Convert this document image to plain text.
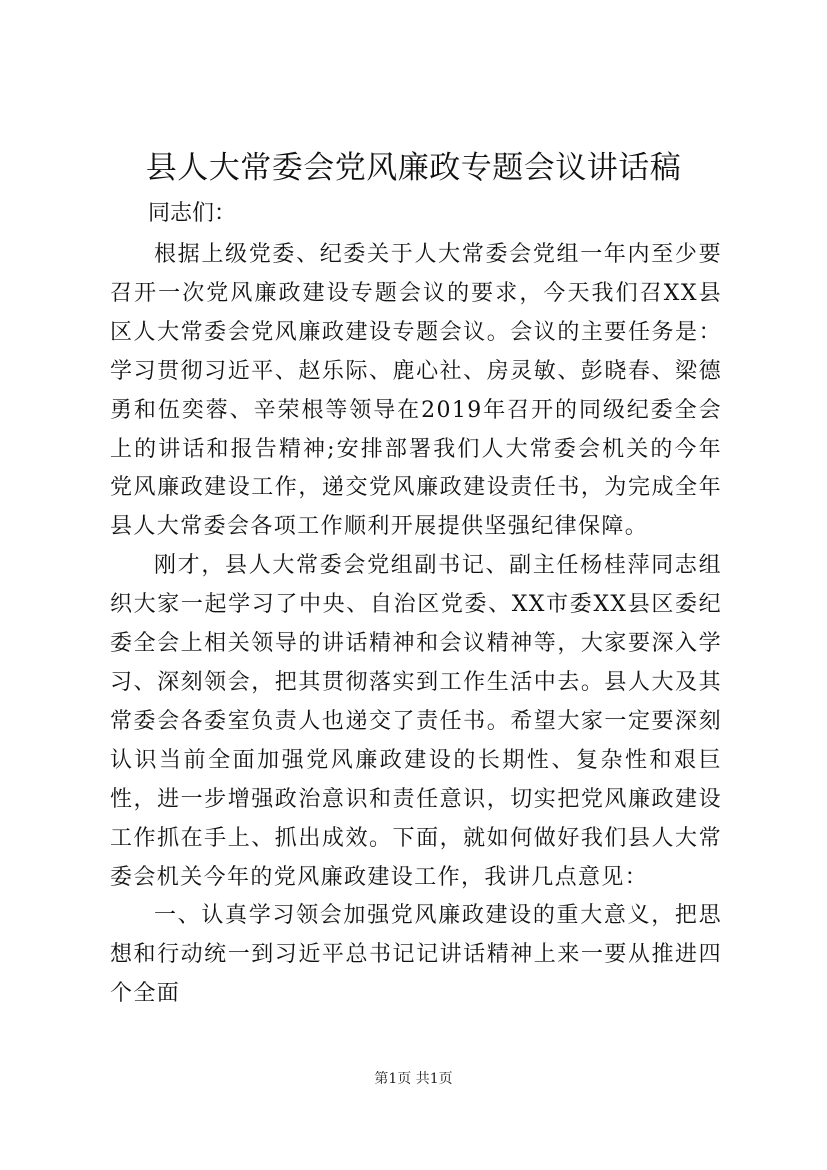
县人大常委会党风廉政专题会议讲话稿

同志们：

根据上级党委、纪委关于人大常委会党组一年内至少要召开一次党风廉政建设专题会议的要求，今天我们召XX县区人大常委会党风廉政建设专题会议。会议的主要任务是：学习贯彻习近平、赵乐际、鹿心社、房灵敏、彭晓春、梁德勇和伍奕蓉、辛荣根等领导在2019年召开的同级纪委全会上的讲话和报告精神;安排部署我们人大常委会机关的今年党风廉政建设工作，递交党风廉政建设责任书，为完成全年县人大常委会各项工作顺利开展提供坚强纪律保障。

刚才，县人大常委会党组副书记、副主任杨桂萍同志组织大家一起学习了中央、自治区党委、XX市委XX县区委纪委全会上相关领导的讲话精神和会议精神等，大家要深入学习、深刻领会，把其贯彻落实到工作生活中去。县人大及其常委会各委室负责人也递交了责任书。希望大家一定要深刻认识当前全面加强党风廉政建设的长期性、复杂性和艰巨性，进一步增强政治意识和责任意识，切实把党风廉政建设工作抓在手上、抓出成效。下面，就如何做好我们县人大常委会机关今年的党风廉政建设工作，我讲几点意见：

一、认真学习领会加强党风廉政建设的重大意义，把思想和行动统一到习近平总书记记讲话精神上来一要从推进四个全面

第1页 共1页
